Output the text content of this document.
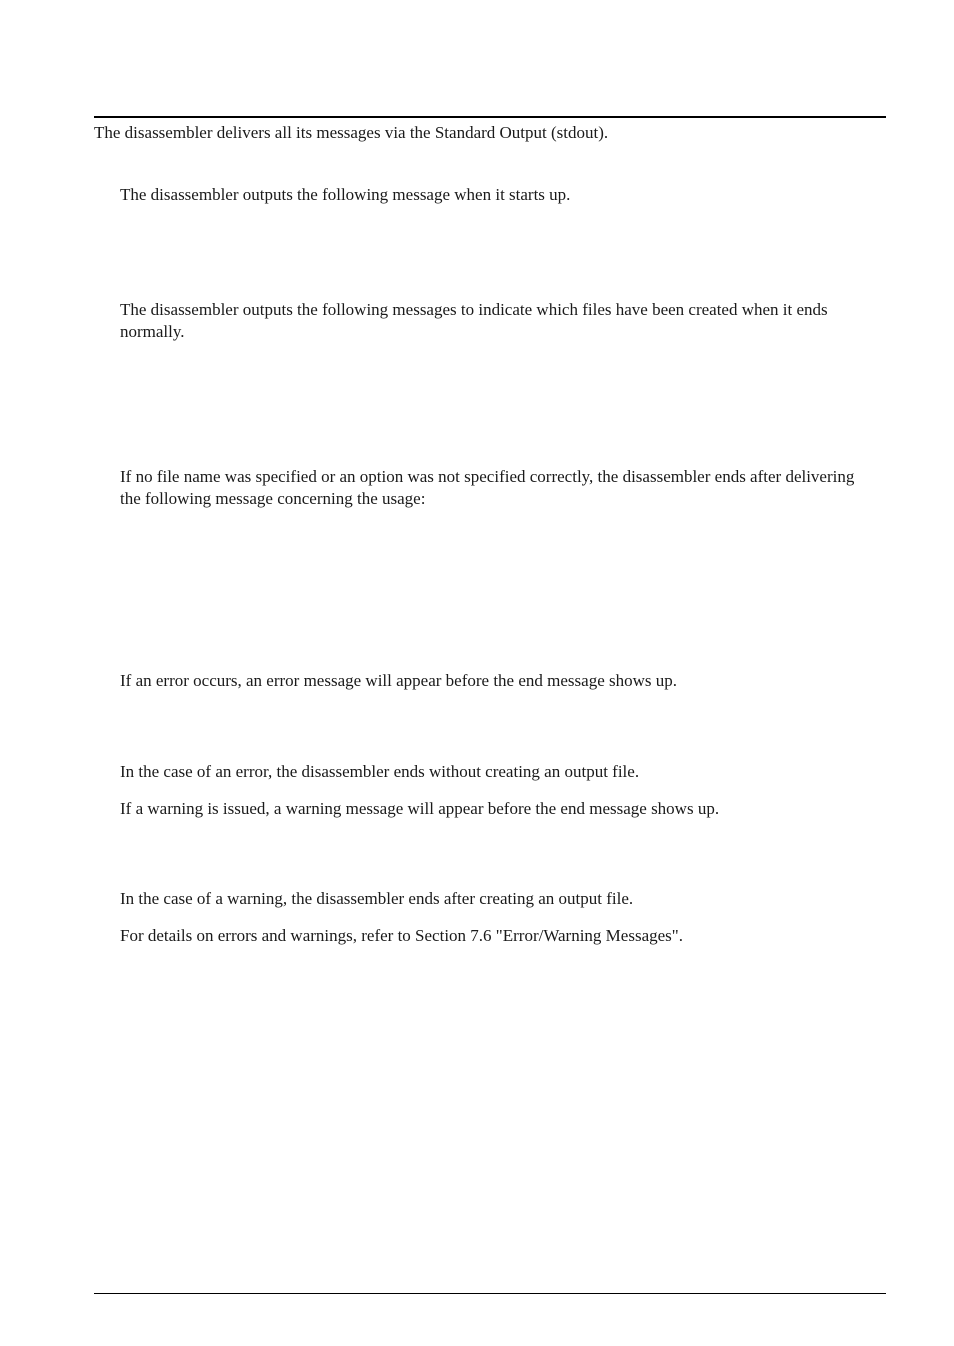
The disassembler delivers all its messages via the Standard Output (stdout).

The disassembler outputs the following message when it starts up.

The disassembler outputs the following messages to indicate which files have been created when it ends normally.

If no file name was specified or an option was not specified correctly, the disassembler ends after delivering the following message concerning the usage:

If an error occurs, an error message will appear before the end message shows up.

In the case of an error, the disassembler ends without creating an output file.

If a warning is issued, a warning message will appear before the end message shows up.

In the case of a warning, the disassembler ends after creating an output file.

For details on errors and warnings, refer to Section 7.6 "Error/Warning Messages".
